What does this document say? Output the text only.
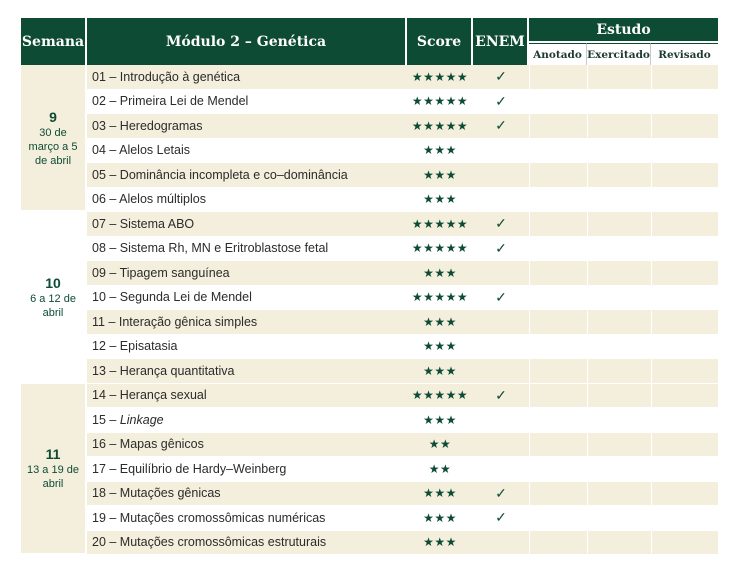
Semana	Módulo 2 – Genética	Score	ENEM	Estudo		
				Anotado	Exercitado	Revisado

9
30 de março a 5 de abril	01 – Introdução à genética	★★★★★	✓			
	02 – Primeira Lei de Mendel	★★★★★	✓			
	03 – Heredogramas	★★★★★	✓			
	04 – Alelos Letais	★★★				
	05 – Dominância incompleta e co–dominância	★★★				
	06 – Alelos múltiplos	★★★				

10
6 a 12 de abril	07 – Sistema ABO	★★★★★	✓			
	08 – Sistema Rh, MN e Eritroblastose fetal	★★★★★	✓			
	09 – Tipagem sanguínea	★★★				
	10 – Segunda Lei de Mendel	★★★★★	✓			
	11 – Interação gênica simples	★★★				
	12 – Episatasia	★★★				
	13 – Herança quantitativa	★★★				

11
13 a 19 de abril	14 – Herança sexual	★★★★★	✓			
	15 – Linkage	★★★				
	16 – Mapas gênicos	★★				
	17 – Equilíbrio de Hardy–Weinberg	★★				
	18 – Mutações gênicas	★★★	✓			
	19 – Mutações cromossômicas numéricas	★★★	✓			
	20 – Mutações cromossômicas estruturais	★★★				
